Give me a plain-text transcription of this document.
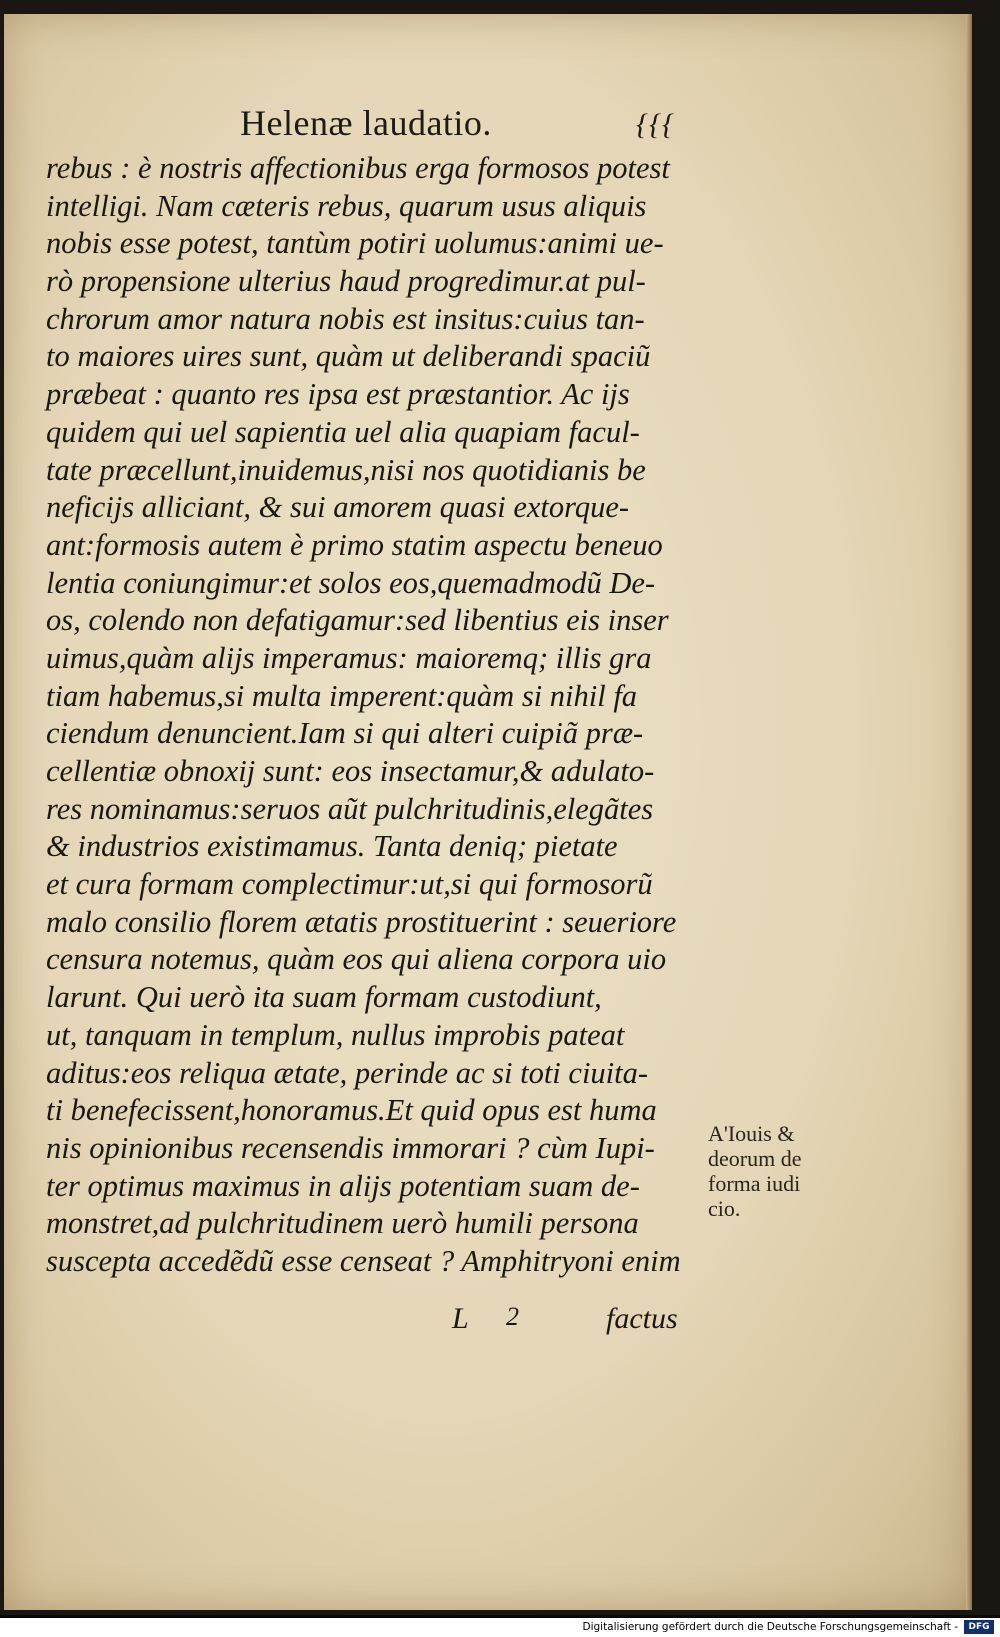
Helenæ laudatio.	{{{
rebus : è nostris affectionibus erga formosos potest
intelligi. Nam cæteris rebus, quarum usus aliquis
nobis esse potest, tantùm potiri uolumus:animi ue-
rò propensione ulterius haud progredimur.at pul-
chrorum amor natura nobis est insitus:cuius tan-
to maiores uires sunt, quàm ut deliberandi spaciũ
præbeat : quanto res ipsa est præstantior. Ac ijs
quidem qui uel sapientia uel alia quapiam facul-
tate præcellunt,inuidemus,nisi nos quotidianis be
neficijs alliciant, & sui amorem quasi extorque-
ant:formosis autem è primo statim aspectu beneuo
lentia coniungimur:et solos eos,quemadmodũ De-
os, colendo non defatigamur:sed libentius eis inser
uimus,quàm alijs imperamus: maioremq; illis gra
tiam habemus,si multa imperent:quàm si nihil fa
ciendum denuncient.Iam si qui alteri cuipiã præ-
cellentiæ obnoxij sunt: eos insectamur,& adulato-
res nominamus:seruos aũt pulchritudinis,elegãtes
& industrios existimamus. Tanta deniq; pietate
et cura formam complectimur:ut,si qui formosorũ
malo consilio florem ætatis prostituerint : seueriore
censura notemus, quàm eos qui aliena corpora uio
larunt. Qui uerò ita suam formam custodiunt,
ut, tanquam in templum, nullus improbis pateat
aditus:eos reliqua ætate, perinde ac si toti ciuita-
ti benefecissent,honoramus.Et quid opus est huma
nis opinionibus recensendis immorari ? cùm Iupi-
ter optimus maximus in alijs potentiam suam de-
monstret,ad pulchritudinem uerò humili persona
suscepta accedẽdũ esse censeat ? Amphitryoni enim
L 2	factus
A'Iouis &
deorum de
forma iudi
cio.
Digitalisierung gefördert durch die Deutsche Forschungsgemeinschaft -	DFG
